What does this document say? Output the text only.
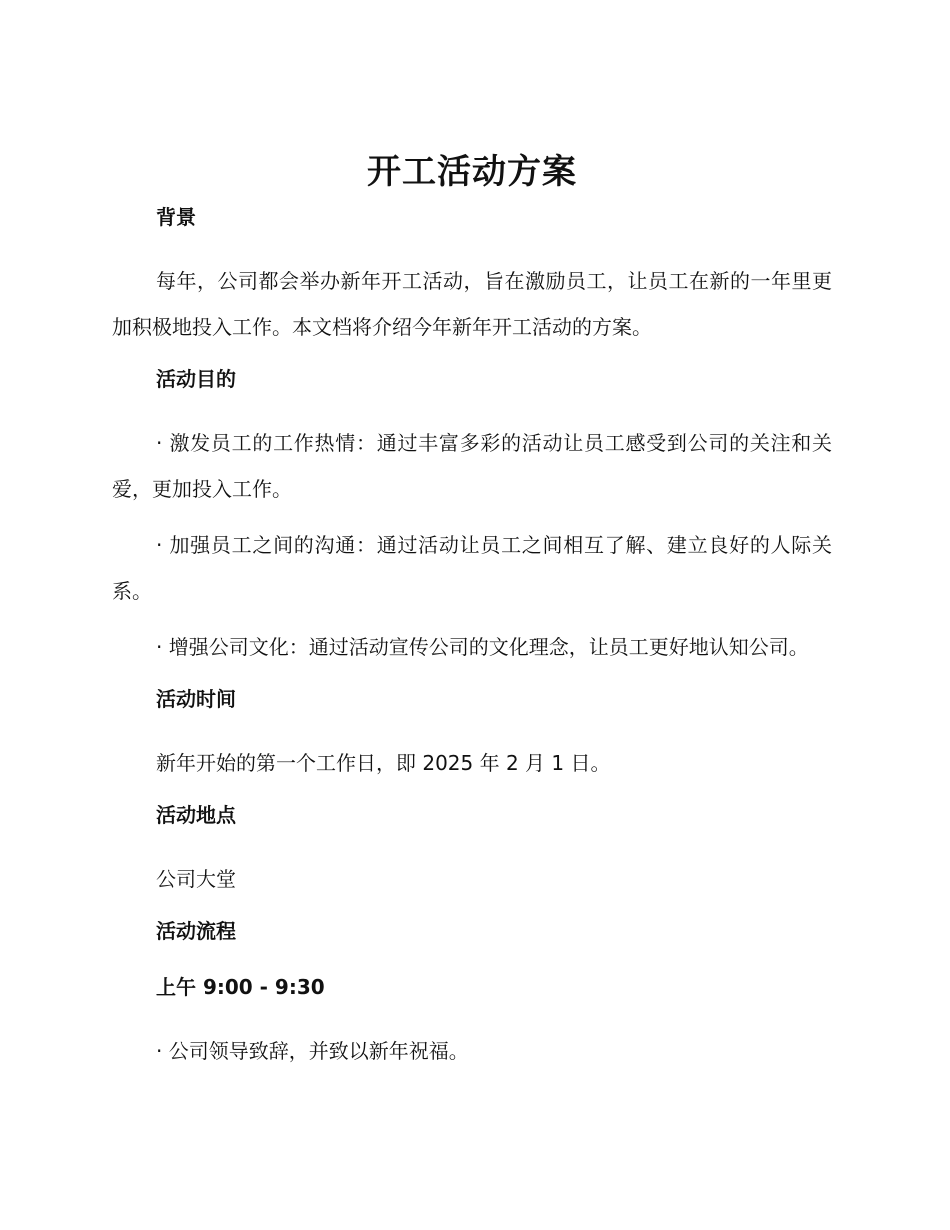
开工活动方案
背景

每年，公司都会举办新年开工活动，旨在激励员工，让员工在新的一年里更加积极地投入工作。本文档将介绍今年新年开工活动的方案。

活动目的

· 激发员工的工作热情：通过丰富多彩的活动让员工感受到公司的关注和关爱，更加投入工作。

· 加强员工之间的沟通：通过活动让员工之间相互了解、建立良好的人际关系。

· 增强公司文化：通过活动宣传公司的文化理念，让员工更好地认知公司。

活动时间

新年开始的第一个工作日，即 2025 年 2 月 1 日。

活动地点

公司大堂

活动流程
上午 9:00 - 9:30

· 公司领导致辞，并致以新年祝福。
